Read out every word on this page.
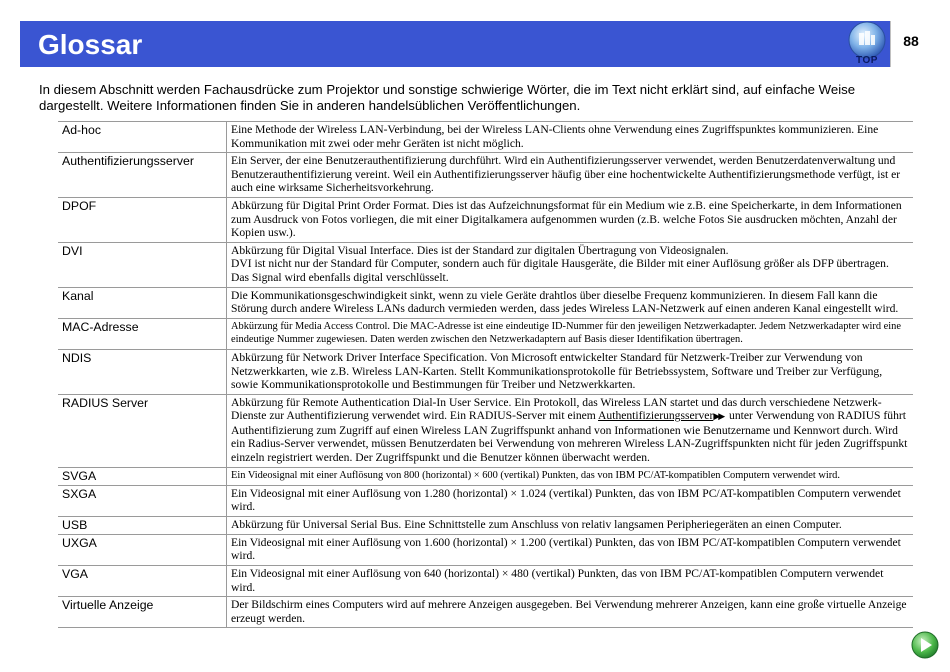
Glossar
TOP
88
In diesem Abschnitt werden Fachausdrücke zum Projektor und sonstige schwierige Wörter, die im Text nicht erklärt sind, auf einfache Weise dargestellt. Weitere Informationen finden Sie in anderen handelsüblichen Veröffentlichungen.
Ad-hoc	Eine Methode der Wireless LAN-Verbindung, bei der Wireless LAN-Clients ohne Verwendung eines Zugriffspunktes kommunizieren. Eine Kommunikation mit zwei oder mehr Geräten ist nicht möglich.
Authentifizierungsserver	Ein Server, der eine Benutzerauthentifizierung durchführt. Wird ein Authentifizierungsserver verwendet, werden Benutzerdatenverwaltung und Benutzerauthentifizierung vereint. Weil ein Authentifizierungsserver häufig über eine hochentwickelte Authentifizierungsmethode verfügt, ist er auch eine wirksame Sicherheitsvorkehrung.
DPOF	Abkürzung für Digital Print Order Format. Dies ist das Aufzeichnungsformat für ein Medium wie z.B. eine Speicherkarte, in dem Informationen zum Ausdruck von Fotos vorliegen, die mit einer Digitalkamera aufgenommen wurden (z.B. welche Fotos Sie ausdrucken möchten, Anzahl der Kopien usw.).
DVI	Abkürzung für Digital Visual Interface. Dies ist der Standard zur digitalen Übertragung von Videosignalen.
DVI ist nicht nur der Standard für Computer, sondern auch für digitale Hausgeräte, die Bilder mit einer Auflösung größer als DFP übertragen. Das Signal wird ebenfalls digital verschlüsselt.

Kanal	Die Kommunikationsgeschwindigkeit sinkt, wenn zu viele Geräte drahtlos über dieselbe Frequenz kommunizieren. In diesem Fall kann die Störung durch andere Wireless LANs dadurch vermieden werden, dass jedes Wireless LAN-Netzwerk auf einen anderen Kanal eingestellt wird.
MAC-Adresse	Abkürzung für Media Access Control. Die MAC-Adresse ist eine eindeutige ID-Nummer für den jeweiligen Netzwerkadapter. Jedem Netzwerkadapter wird eine eindeutige Nummer zugewiesen. Daten werden zwischen den Netzwerkadaptern auf Basis dieser Identifikation übertragen.
NDIS	Abkürzung für Network Driver Interface Specification. Von Microsoft entwickelter Standard für Netzwerk-Treiber zur Verwendung von Netzwerkkarten, wie z.B. Wireless LAN-Karten. Stellt Kommunikationsprotokolle für Betriebssystem, Software und Treiber zur Verfügung, sowie Kommunikationsprotokolle und Bestimmungen für Treiber und Netzwerkkarten.
RADIUS Server	Abkürzung für Remote Authentication Dial-In User Service. Ein Protokoll, das Wireless LAN startet und das durch verschiedene Netzwerk-Dienste zur Authentifizierung verwendet wird. Ein RADIUS-Server mit einem Authentifizierungsserver▶▶ unter Verwendung von RADIUS führt Authentifizierung zum Zugriff auf einen Wireless LAN Zugriffspunkt anhand von Informationen wie Benutzername und Kennwort durch. Wird ein Radius-Server verwendet, müssen Benutzerdaten bei Verwendung von mehreren Wireless LAN-Zugriffspunkten nicht für jeden Zugriffspunkt einzeln registriert werden. Der Zugriffspunkt und die Benutzer können überwacht werden.
SVGA	Ein Videosignal mit einer Auflösung von 800 (horizontal) × 600 (vertikal) Punkten, das von IBM PC/AT-kompatiblen Computern verwendet wird.
SXGA	Ein Videosignal mit einer Auflösung von 1.280 (horizontal) × 1.024 (vertikal) Punkten, das von IBM PC/AT-kompatiblen Computern verwendet wird.
USB	Abkürzung für Universal Serial Bus. Eine Schnittstelle zum Anschluss von relativ langsamen Peripheriegeräten an einen Computer.
UXGA	Ein Videosignal mit einer Auflösung von 1.600 (horizontal) × 1.200 (vertikal) Punkten, das von IBM PC/AT-kompatiblen Computern verwendet wird.
VGA	Ein Videosignal mit einer Auflösung von 640 (horizontal) × 480 (vertikal) Punkten, das von IBM PC/AT-kompatiblen Computern verwendet wird.
Virtuelle Anzeige	Der Bildschirm eines Computers wird auf mehrere Anzeigen ausgegeben. Bei Verwendung mehrerer Anzeigen, kann eine große virtuelle Anzeige erzeugt werden.
